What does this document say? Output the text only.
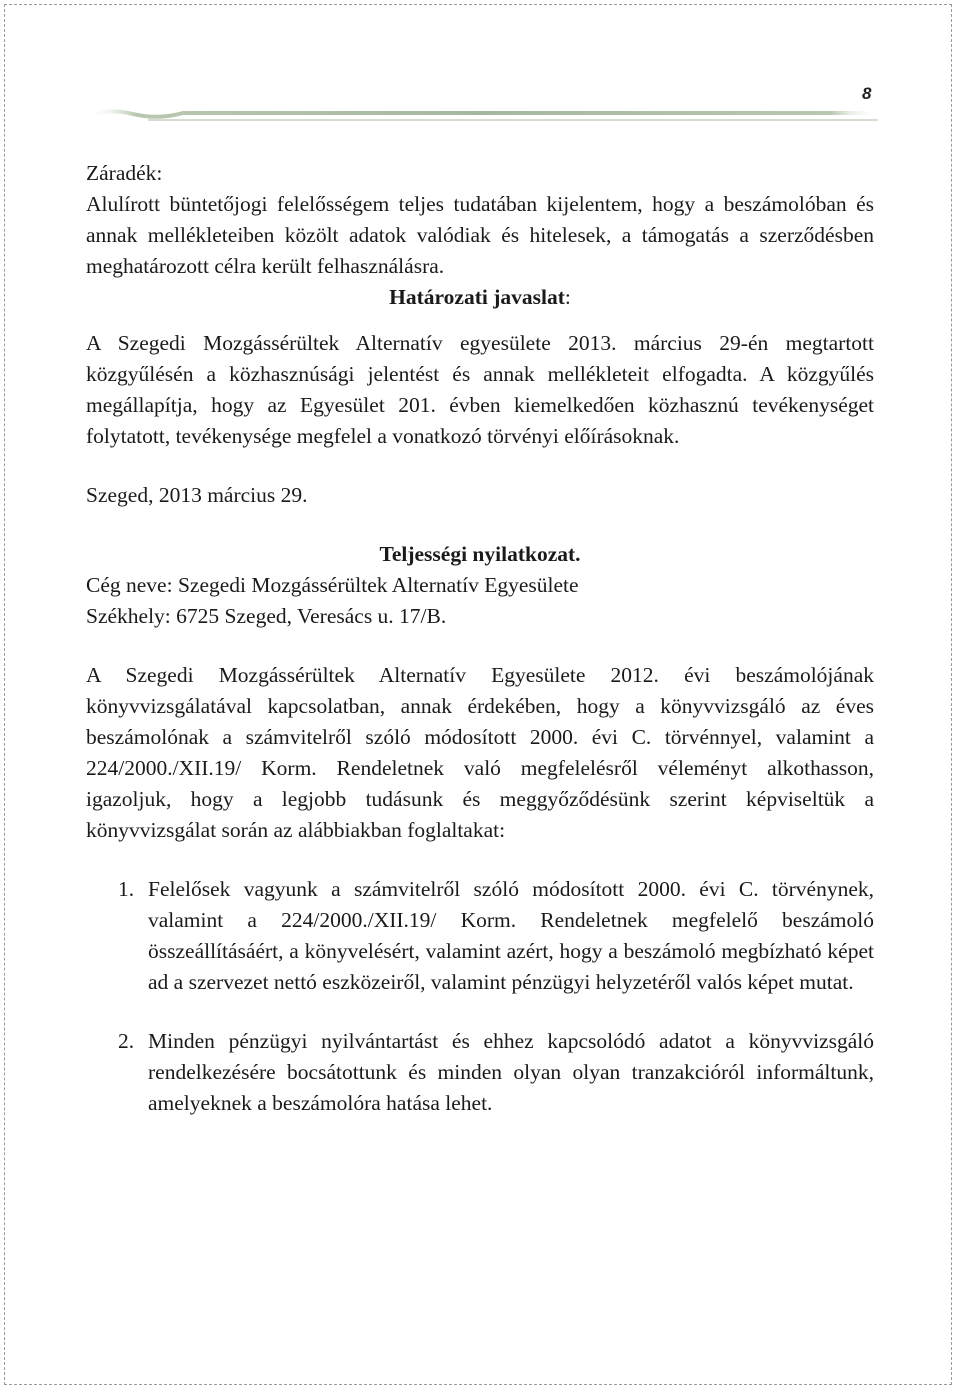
8

Záradék:

Alulírott büntetőjogi felelősségem teljes tudatában kijelentem, hogy a beszámolóban és annak mellékleteiben közölt adatok valódiak és hitelesek, a támogatás a szerződésben meghatározott célra került felhasználásra.

Határozati javaslat:

A Szegedi Mozgássérültek Alternatív egyesülete 2013. március 29-én megtartott közgyűlésén a közhasznúsági jelentést és annak mellékleteit elfogadta. A közgyűlés megállapítja, hogy az Egyesület 201. évben kiemelkedően közhasznú tevékenységet folytatott, tevékenysége megfelel a vonatkozó törvényi előírásoknak.

Szeged, 2013 március 29.

Teljességi nyilatkozat.

Cég neve: Szegedi Mozgássérültek Alternatív Egyesülete

Székhely: 6725 Szeged, Veresács u. 17/B.

A Szegedi Mozgássérültek Alternatív Egyesülete 2012. évi beszámolójának könyvvizsgálatával kapcsolatban, annak érdekében, hogy a könyvvizsgáló az éves beszámolónak a számvitelről szóló módosított 2000. évi C. törvénnyel, valamint a 224/2000./XII.19/ Korm. Rendeletnek való megfelelésről véleményt alkothasson, igazoljuk, hogy a legjobb tudásunk és meggyőződésünk szerint képviseltük a könyvvizsgálat során az alábbiakban foglaltakat:

1. Felelősek vagyunk a számvitelről szóló módosított 2000. évi C. törvénynek, valamint a 224/2000./XII.19/ Korm. Rendeletnek megfelelő beszámoló összeállításáért, a könyvelésért, valamint azért, hogy a beszámoló megbízható képet ad a szervezet nettó eszközeiről, valamint pénzügyi helyzetéről valós képet mutat.
2. Minden pénzügyi nyilvántartást és ehhez kapcsolódó adatot a könyvvizsgáló rendelkezésére bocsátottunk és minden olyan olyan tranzakcióról informáltunk, amelyeknek a beszámolóra hatása lehet.
